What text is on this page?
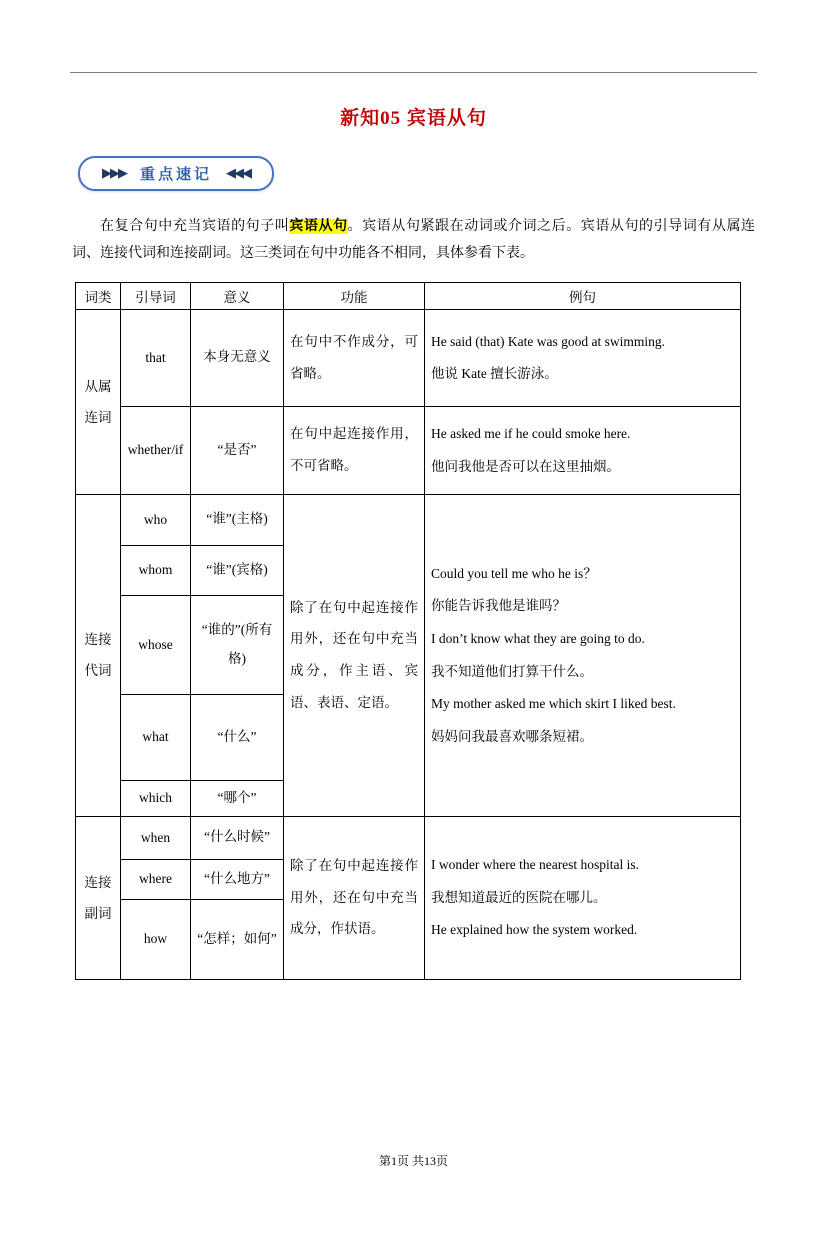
新知05 宾语从句
▶▶▶ 重点速记 ◀◀◀

在复合句中充当宾语的句子叫宾语从句。宾语从句紧跟在动词或介词之后。宾语从句的引导词有从属连词、连接代词和连接副词。这三类词在句中功能各不相同，具体参看下表。

词类	引导词	意义	功能	例句
从属连词	that	本身无意义	在句中不作成分，可省略。	He said (that) Kate was good at swimming.

他说 Kate 擅长游泳。

	whether/if	“是否”	在句中起连接作用，不可省略。	He asked me if he could smoke here.

他问我他是否可以在这里抽烟。

连接代词	who	“谁”(主格)	除了在句中起连接作用外，还在句中充当成分，作主语、宾语、表语、定语。	

Could you tell me who he is？

你能告诉我他是谁吗？

I don’t know what they are going to do.

我不知道他们打算干什么。

My mother asked me which skirt I liked best.

妈妈问我最喜欢哪条短裙。

	whom	“谁”(宾格)		
	whose	“谁的”(所有格)		
	what	“什么”		
	which	“哪个”		
连接副词	when	“什么时候”	除了在句中起连接作用外，还在句中充当成分，作状语。	I wonder where the nearest hospital is.

我想知道最近的医院在哪儿。

He explained how the system worked.

	where	“什么地方”		
	how	“怎样；如何”		
第1页 共13页
